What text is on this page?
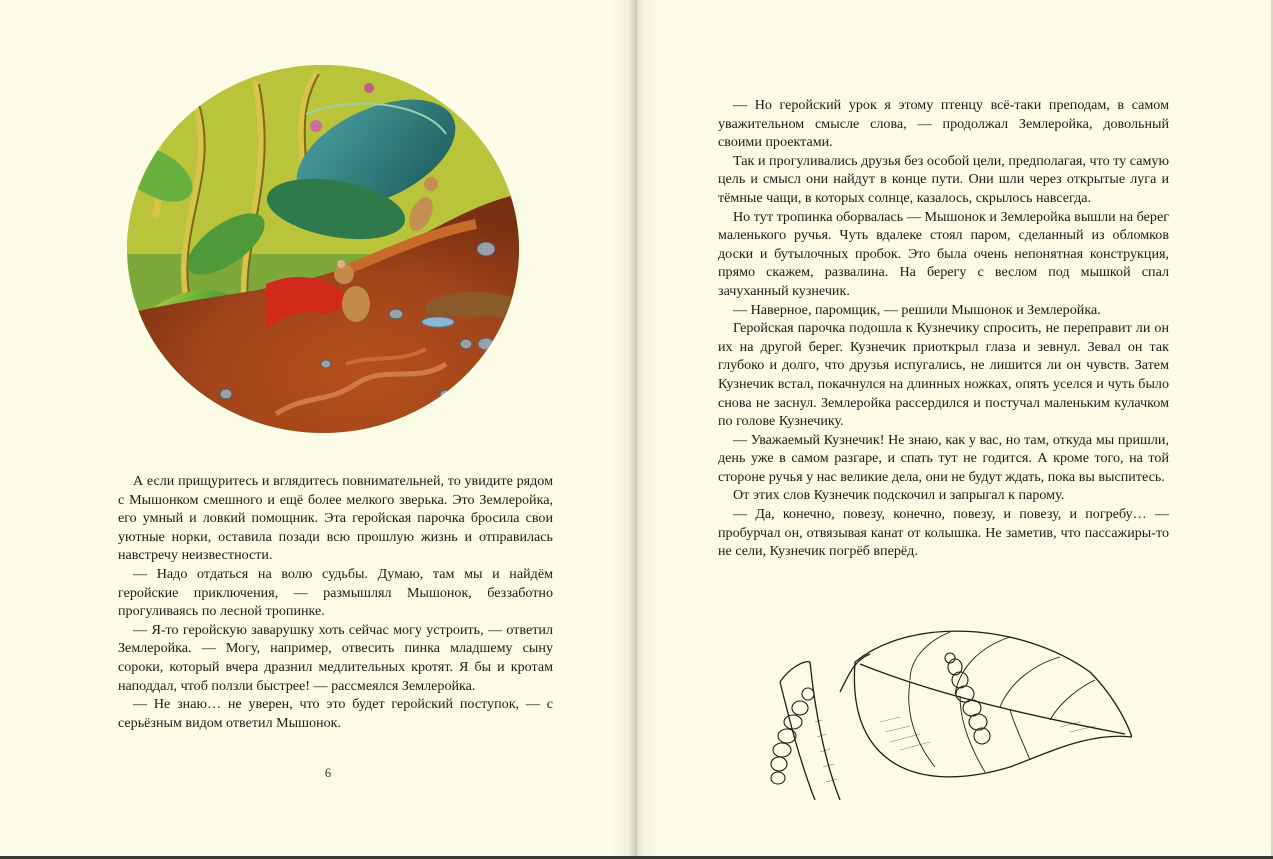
А если прищуритесь и вглядитесь повнимательней, то увидите рядом с Мышонком смешного и ещё более мелкого зверька. Это Землеройка, его умный и ловкий помощник. Эта геройская парочка бросила свои уютные норки, оставила позади всю прошлую жизнь и отправилась навстречу неизвестности.

— Надо отдаться на волю судьбы. Думаю, там мы и найдём геройские приключения, — размышлял Мышонок, беззаботно прогуливаясь по лесной тропинке.

— Я-то геройскую заварушку хоть сейчас могу устроить, — ответил Землеройка. — Могу, например, отвесить пинка младшему сыну сороки, который вчера дразнил медлительных кротят. Я бы и кротам наподдал, чтоб ползли быстрее! — рассмеялся Землеройка.

— Не знаю… не уверен, что это будет геройский поступок, — с серьёзным видом ответил Мышонок.

6

— Но геройский урок я этому птенцу всё-таки преподам, в самом уважительном смысле слова, — продолжал Землеройка, довольный своими проектами.

Так и прогуливались друзья без особой цели, предполагая, что ту самую цель и смысл они найдут в конце пути. Они шли через открытые луга и тёмные чащи, в которых солнце, казалось, скрылось навсегда.

Но тут тропинка оборвалась — Мышонок и Землеройка вышли на берег маленького ручья. Чуть вдалеке стоял паром, сделанный из обломков доски и бутылочных пробок. Это была очень непонятная конструкция, прямо скажем, развалина. На берегу с веслом под мышкой спал зачуханный кузнечик.

— Наверное, паромщик, — решили Мышонок и Землеройка.

Геройская парочка подошла к Кузнечику спросить, не переправит ли он их на другой берег. Кузнечик приоткрыл глаза и зевнул. Зевал он так глубоко и долго, что друзья испугались, не лишится ли он чувств. Затем Кузнечик встал, покачнулся на длинных ножках, опять уселся и чуть было снова не заснул. Землеройка рассердился и постучал маленьким кулачком по голове Кузнечику.

— Уважаемый Кузнечик! Не знаю, как у вас, но там, откуда мы пришли, день уже в самом разгаре, и спать тут не годится. А кроме того, на той стороне ручья у нас великие дела, они не будут ждать, пока вы выспитесь.

От этих слов Кузнечик подскочил и запрыгал к парому.

— Да, конечно, повезу, конечно, повезу, и повезу, и погребу… — пробурчал он, отвязывая канат от колышка. Не заметив, что пассажиры-то не сели, Кузнечик погрёб вперёд.
